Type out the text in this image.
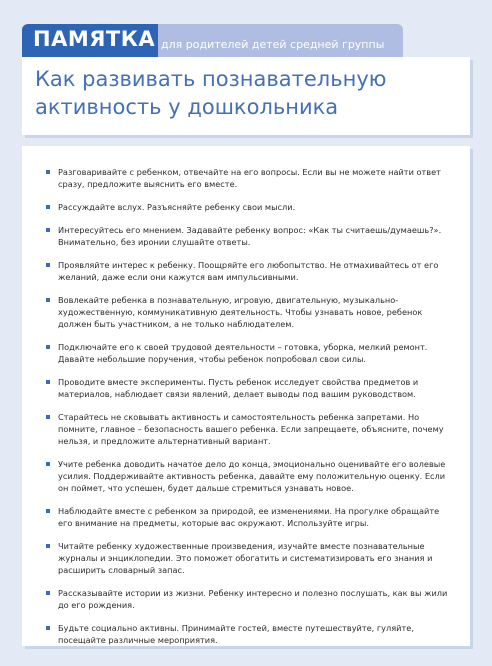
ПАМЯТКА для родителей детей средней группы
Как развивать познавательную активность у дошкольника
Разговаривайте с ребенком, отвечайте на его вопросы. Если вы не можете найти ответ сразу, предложите выяснить его вместе.
Рассуждайте вслух. Разъясняйте ребенку свои мысли.
Интересуйтесь его мнением. Задавайте ребенку вопрос: «Как ты считаешь/думаешь?». Внимательно, без иронии слушайте ответы.
Проявляйте интерес к ребенку. Поощряйте его любопытство. Не отмахивайтесь от его желаний, даже если они кажутся вам импульсивными.
Вовлекайте ребенка в познавательную, игровую, двигательную, музыкально-художественную, коммуникативную деятельность. Чтобы узнавать новое, ребенок должен быть участником, а не только наблюдателем.
Подключайте его к своей трудовой деятельности – готовка, уборка, мелкий ремонт. Давайте небольшие поручения, чтобы ребенок попробовал свои силы.
Проводите вместе эксперименты. Пусть ребенок исследует свойства предметов и материалов, наблюдает связи явлений, делает выводы под вашим руководством.
Старайтесь не сковывать активность и самостоятельность ребенка запретами. Но помните, главное – безопасность вашего ребенка. Если запрещаете, объясните, почему нельзя, и предложите альтернативный вариант.
Учите ребенка доводить начатое дело до конца, эмоционально оценивайте его волевые усилия. Поддерживайте активность ребенка, давайте ему положительную оценку. Если он поймет, что успешен, будет дальше стремиться узнавать новое.
Наблюдайте вместе с ребенком за природой, ее изменениями. На прогулке обращайте его внимание на предметы, которые вас окружают. Используйте игры.
Читайте ребенку художественные произведения, изучайте вместе познавательные журналы и энциклопедии. Это поможет обогатить и систематизировать его знания и расширить словарный запас.
Рассказывайте истории из жизни. Ребенку интересно и полезно послушать, как вы жили до его рождения.
Будьте социально активны. Принимайте гостей, вместе путешествуйте, гуляйте, посещайте различные мероприятия.
